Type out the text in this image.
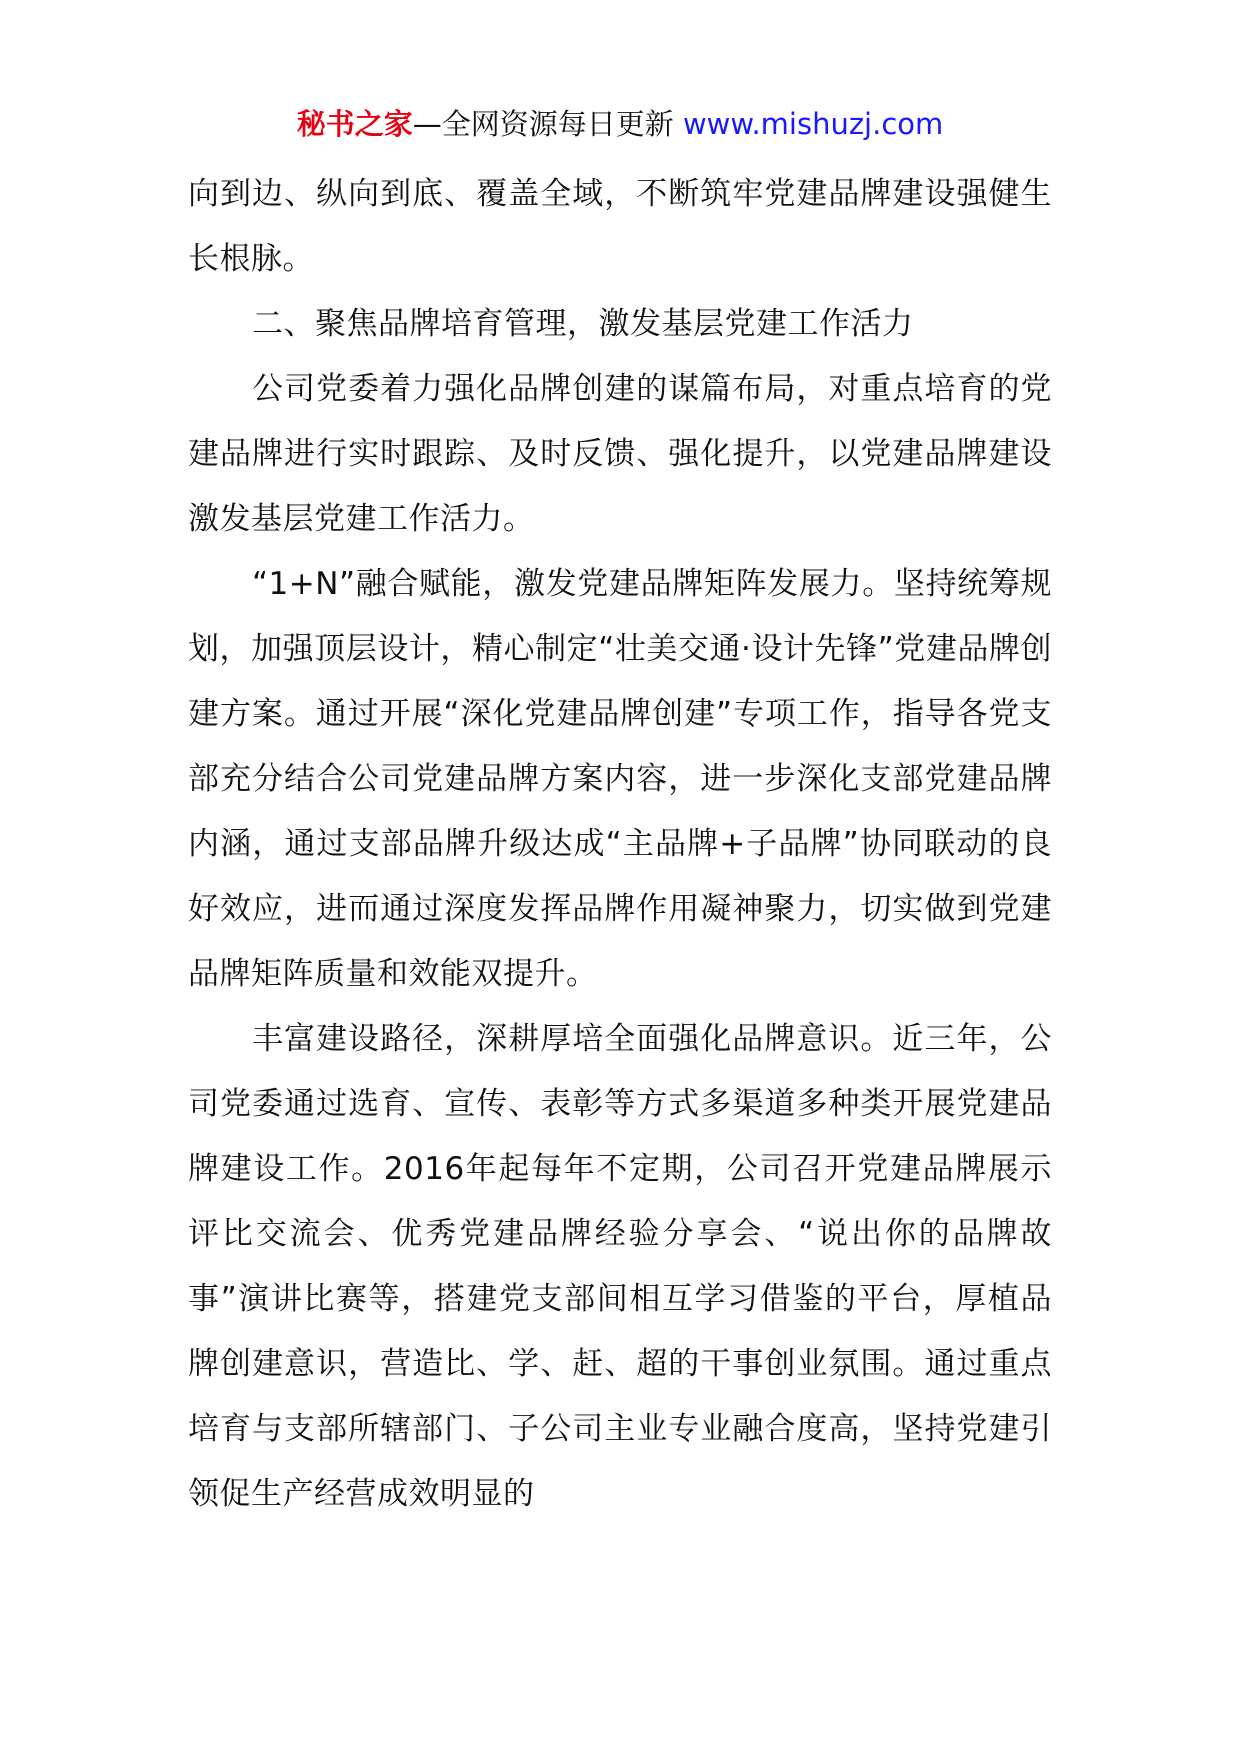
秘书之家—全网资源每日更新 www.mishuzj.com

向到边、纵向到底、覆盖全域，不断筑牢党建品牌建设强健生长根脉。

二、聚焦品牌培育管理，激发基层党建工作活力

公司党委着力强化品牌创建的谋篇布局，对重点培育的党建品牌进行实时跟踪、及时反馈、强化提升，以党建品牌建设激发基层党建工作活力。

“1+N”融合赋能，激发党建品牌矩阵发展力。坚持统筹规划，加强顶层设计，精心制定“壮美交通·设计先锋”党建品牌创建方案。通过开展“深化党建品牌创建”专项工作，指导各党支部充分结合公司党建品牌方案内容，进一步深化支部党建品牌内涵，通过支部品牌升级达成“主品牌+子品牌”协同联动的良好效应，进而通过深度发挥品牌作用凝神聚力，切实做到党建品牌矩阵质量和效能双提升。

丰富建设路径，深耕厚培全面强化品牌意识。近三年，公司党委通过选育、宣传、表彰等方式多渠道多种类开展党建品牌建设工作。2016年起每年不定期，公司召开党建品牌展示评比交流会、优秀党建品牌经验分享会、“说出你的品牌故事”演讲比赛等，搭建党支部间相互学习借鉴的平台，厚植品牌创建意识，营造比、学、赶、超的干事创业氛围。通过重点培育与支部所辖部门、子公司主业专业融合度高，坚持党建引领促生产经营成效明显的
